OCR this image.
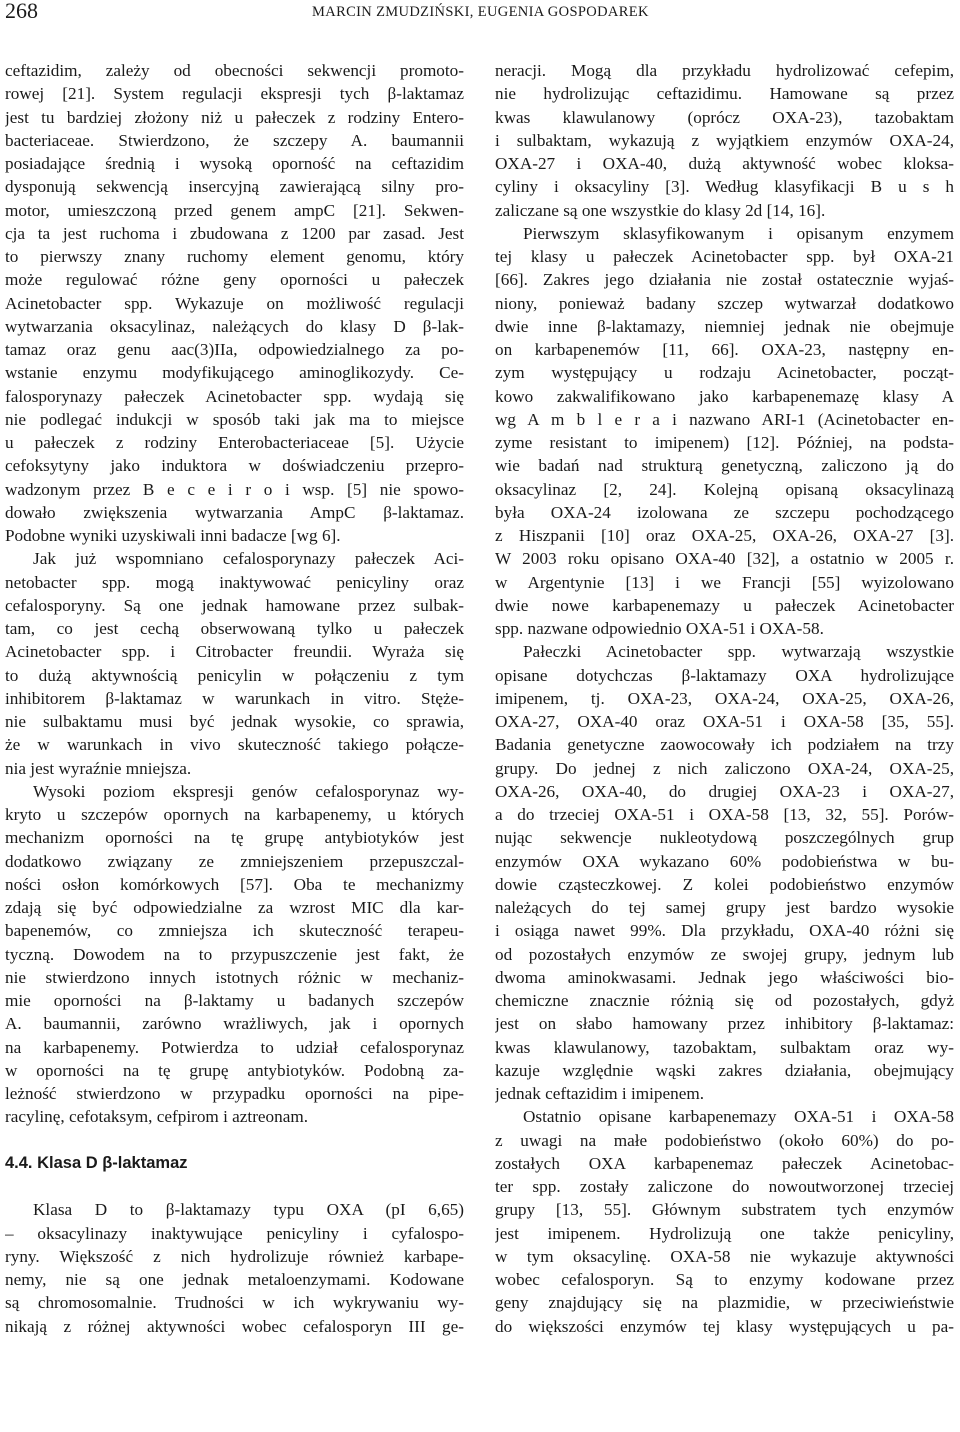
268	MARCIN ZMUDZIŃSKI, EUGENIA GOSPODAREK
ceftazidim, zależy od obecności sekwencji promoto-
rowej [21]. System regulacji ekspresji tych β-laktamaz
jest tu bardziej złożony niż u pałeczek z rodziny Entero-
bacteriaceae. Stwierdzono, że szczepy A. baumannii
posiadające średnią i wysoką oporność na ceftazidim
dysponują sekwencją insercyjną zawierającą silny pro-
motor, umieszczoną przed genem ampC [21]. Sekwen-
cja ta jest ruchoma i zbudowana z 1200 par zasad. Jest
to pierwszy znany ruchomy element genomu, który
może regulować różne geny oporności u pałeczek
Acinetobacter spp. Wykazuje on możliwość regulacji
wytwarzania oksacylinaz, należących do klasy D β-lak-
tamaz oraz genu aac(3)IIa, odpowiedzialnego za po-
wstanie enzymu modyfikującego aminoglikozydy. Ce-
falosporynazy pałeczek Acinetobacter spp. wydają się
nie podlegać indukcji w sposób taki jak ma to miejsce
u pałeczek z rodziny Enterobacteriaceae [5]. Użycie
cefoksytyny jako induktora w doświadczeniu przepro-
wadzonym przez B e c e i r o i wsp. [5] nie spowo-
dowało zwiększenia wytwarzania AmpC β-laktamaz.
Podobne wyniki uzyskiwali inni badacze [wg 6].
Jak już wspomniano cefalosporynazy pałeczek Aci-
netobacter spp. mogą inaktywować penicyliny oraz
cefalosporyny. Są one jednak hamowane przez sulbak-
tam, co jest cechą obserwowaną tylko u pałeczek
Acinetobacter spp. i Citrobacter freundii. Wyraża się
to dużą aktywnością penicylin w połączeniu z tym
inhibitorem β-laktamaz w warunkach in vitro. Stęże-
nie sulbaktamu musi być jednak wysokie, co sprawia,
że w warunkach in vivo skuteczność takiego połącze-
nia jest wyraźnie mniejsza.
Wysoki poziom ekspresji genów cefalosporynaz wy-
kryto u szczepów opornych na karbapenemy, u których
mechanizm oporności na tę grupę antybiotyków jest
dodatkowo związany ze zmniejszeniem przepuszczal-
ności osłon komórkowych [57]. Oba te mechanizmy
zdają się być odpowiedzialne za wzrost MIC dla kar-
bapenemów, co zmniejsza ich skuteczność terapeu-
tyczną. Dowodem na to przypuszczenie jest fakt, że
nie stwierdzono innych istotnych różnic w mechaniz-
mie oporności na β-laktamy u badanych szczepów
A. baumannii, zarówno wrażliwych, jak i opornych
na karbapenemy. Potwierdza to udział cefalosporynaz
w oporności na tę grupę antybiotyków. Podobną za-
leżność stwierdzono w przypadku oporności na pipe-
racylinę, cefotaksym, cefpirom i aztreonam.
4.4. Klasa D β-laktamaz
Klasa D to β-laktamazy typu OXA (pI 6,65)
– oksacylinazy inaktywujące penicyliny i cyfalospo-
ryny. Większość z nich hydrolizuje również karbape-
nemy, nie są one jednak metaloenzymami. Kodowane
są chromosomalnie. Trudności w ich wykrywaniu wy-
nikają z różnej aktywności wobec cefalosporyn III ge-
neracji. Mogą dla przykładu hydrolizować cefepim,
nie hydrolizując ceftazidimu. Hamowane są przez
kwas klawulanowy (oprócz OXA-23), tazobaktam
i sulbaktam, wykazują z wyjątkiem enzymów OXA-24,
OXA-27 i OXA-40, dużą aktywność wobec kloksa-
cyliny i oksacyliny [3]. Według klasyfikacji B u s h
zaliczane są one wszystkie do klasy 2d [14, 16].
Pierwszym sklasyfikowanym i opisanym enzymem
tej klasy u pałeczek Acinetobacter spp. był OXA-21
[66]. Zakres jego działania nie został ostatecznie wyjaś-
niony, ponieważ badany szczep wytwarzał dodatkowo
dwie inne β-laktamazy, niemniej jednak nie obejmuje
on karbapenemów [11, 66]. OXA-23, następny en-
zym występujący u rodzaju Acinetobacter, począt-
kowo zakwalifikowano jako karbapenemazę klasy A
wg A m b l e r a i nazwano ARI-1 (Acinetobacter en-
zyme resistant to imipenem) [12]. Później, na podsta-
wie badań nad strukturą genetyczną, zaliczono ją do
oksacylinaz [2, 24]. Kolejną opisaną oksacylinazą
była OXA-24 izolowana ze szczepu pochodzącego
z Hiszpanii [10] oraz OXA-25, OXA-26, OXA-27 [3].
W 2003 roku opisano OXA-40 [32], a ostatnio w 2005 r.
w Argentynie [13] i we Francji [55] wyizolowano
dwie nowe karbapenemazy u pałeczek Acinetobacter
spp. nazwane odpowiednio OXA-51 i OXA-58.
Pałeczki Acinetobacter spp. wytwarzają wszystkie
opisane dotychczas β-laktamazy OXA hydrolizujące
imipenem, tj. OXA-23, OXA-24, OXA-25, OXA-26,
OXA-27, OXA-40 oraz OXA-51 i OXA-58 [35, 55].
Badania genetyczne zaowocowały ich podziałem na trzy
grupy. Do jednej z nich zaliczono OXA-24, OXA-25,
OXA-26, OXA-40, do drugiej OXA-23 i OXA-27,
a do trzeciej OXA-51 i OXA-58 [13, 32, 55]. Porów-
nując sekwencje nukleotydową poszczególnych grup
enzymów OXA wykazano 60% podobieństwa w bu-
dowie cząsteczkowej. Z kolei podobieństwo enzymów
należących do tej samej grupy jest bardzo wysokie
i osiąga nawet 99%. Dla przykładu, OXA-40 różni się
od pozostałych enzymów ze swojej grupy, jednym lub
dwoma aminokwasami. Jednak jego właściwości bio-
chemiczne znacznie różnią się od pozostałych, gdyż
jest on słabo hamowany przez inhibitory β-laktamaz:
kwas klawulanowy, tazobaktam, sulbaktam oraz wy-
kazuje względnie wąski zakres działania, obejmujący
jednak ceftazidim i imipenem.
Ostatnio opisane karbapenemazy OXA-51 i OXA-58
z uwagi na małe podobieństwo (około 60%) do po-
zostałych OXA karbapenemaz pałeczek Acinetobac-
ter spp. zostały zaliczone do nowoutworzonej trzeciej
grupy [13, 55]. Głównym substratem tych enzymów
jest imipenem. Hydrolizują one także penicyliny,
w tym oksacylinę. OXA-58 nie wykazuje aktywności
wobec cefalosporyn. Są to enzymy kodowane przez
geny znajdujący się na plazmidie, w przeciwieństwie
do większości enzymów tej klasy występujących u pa-
